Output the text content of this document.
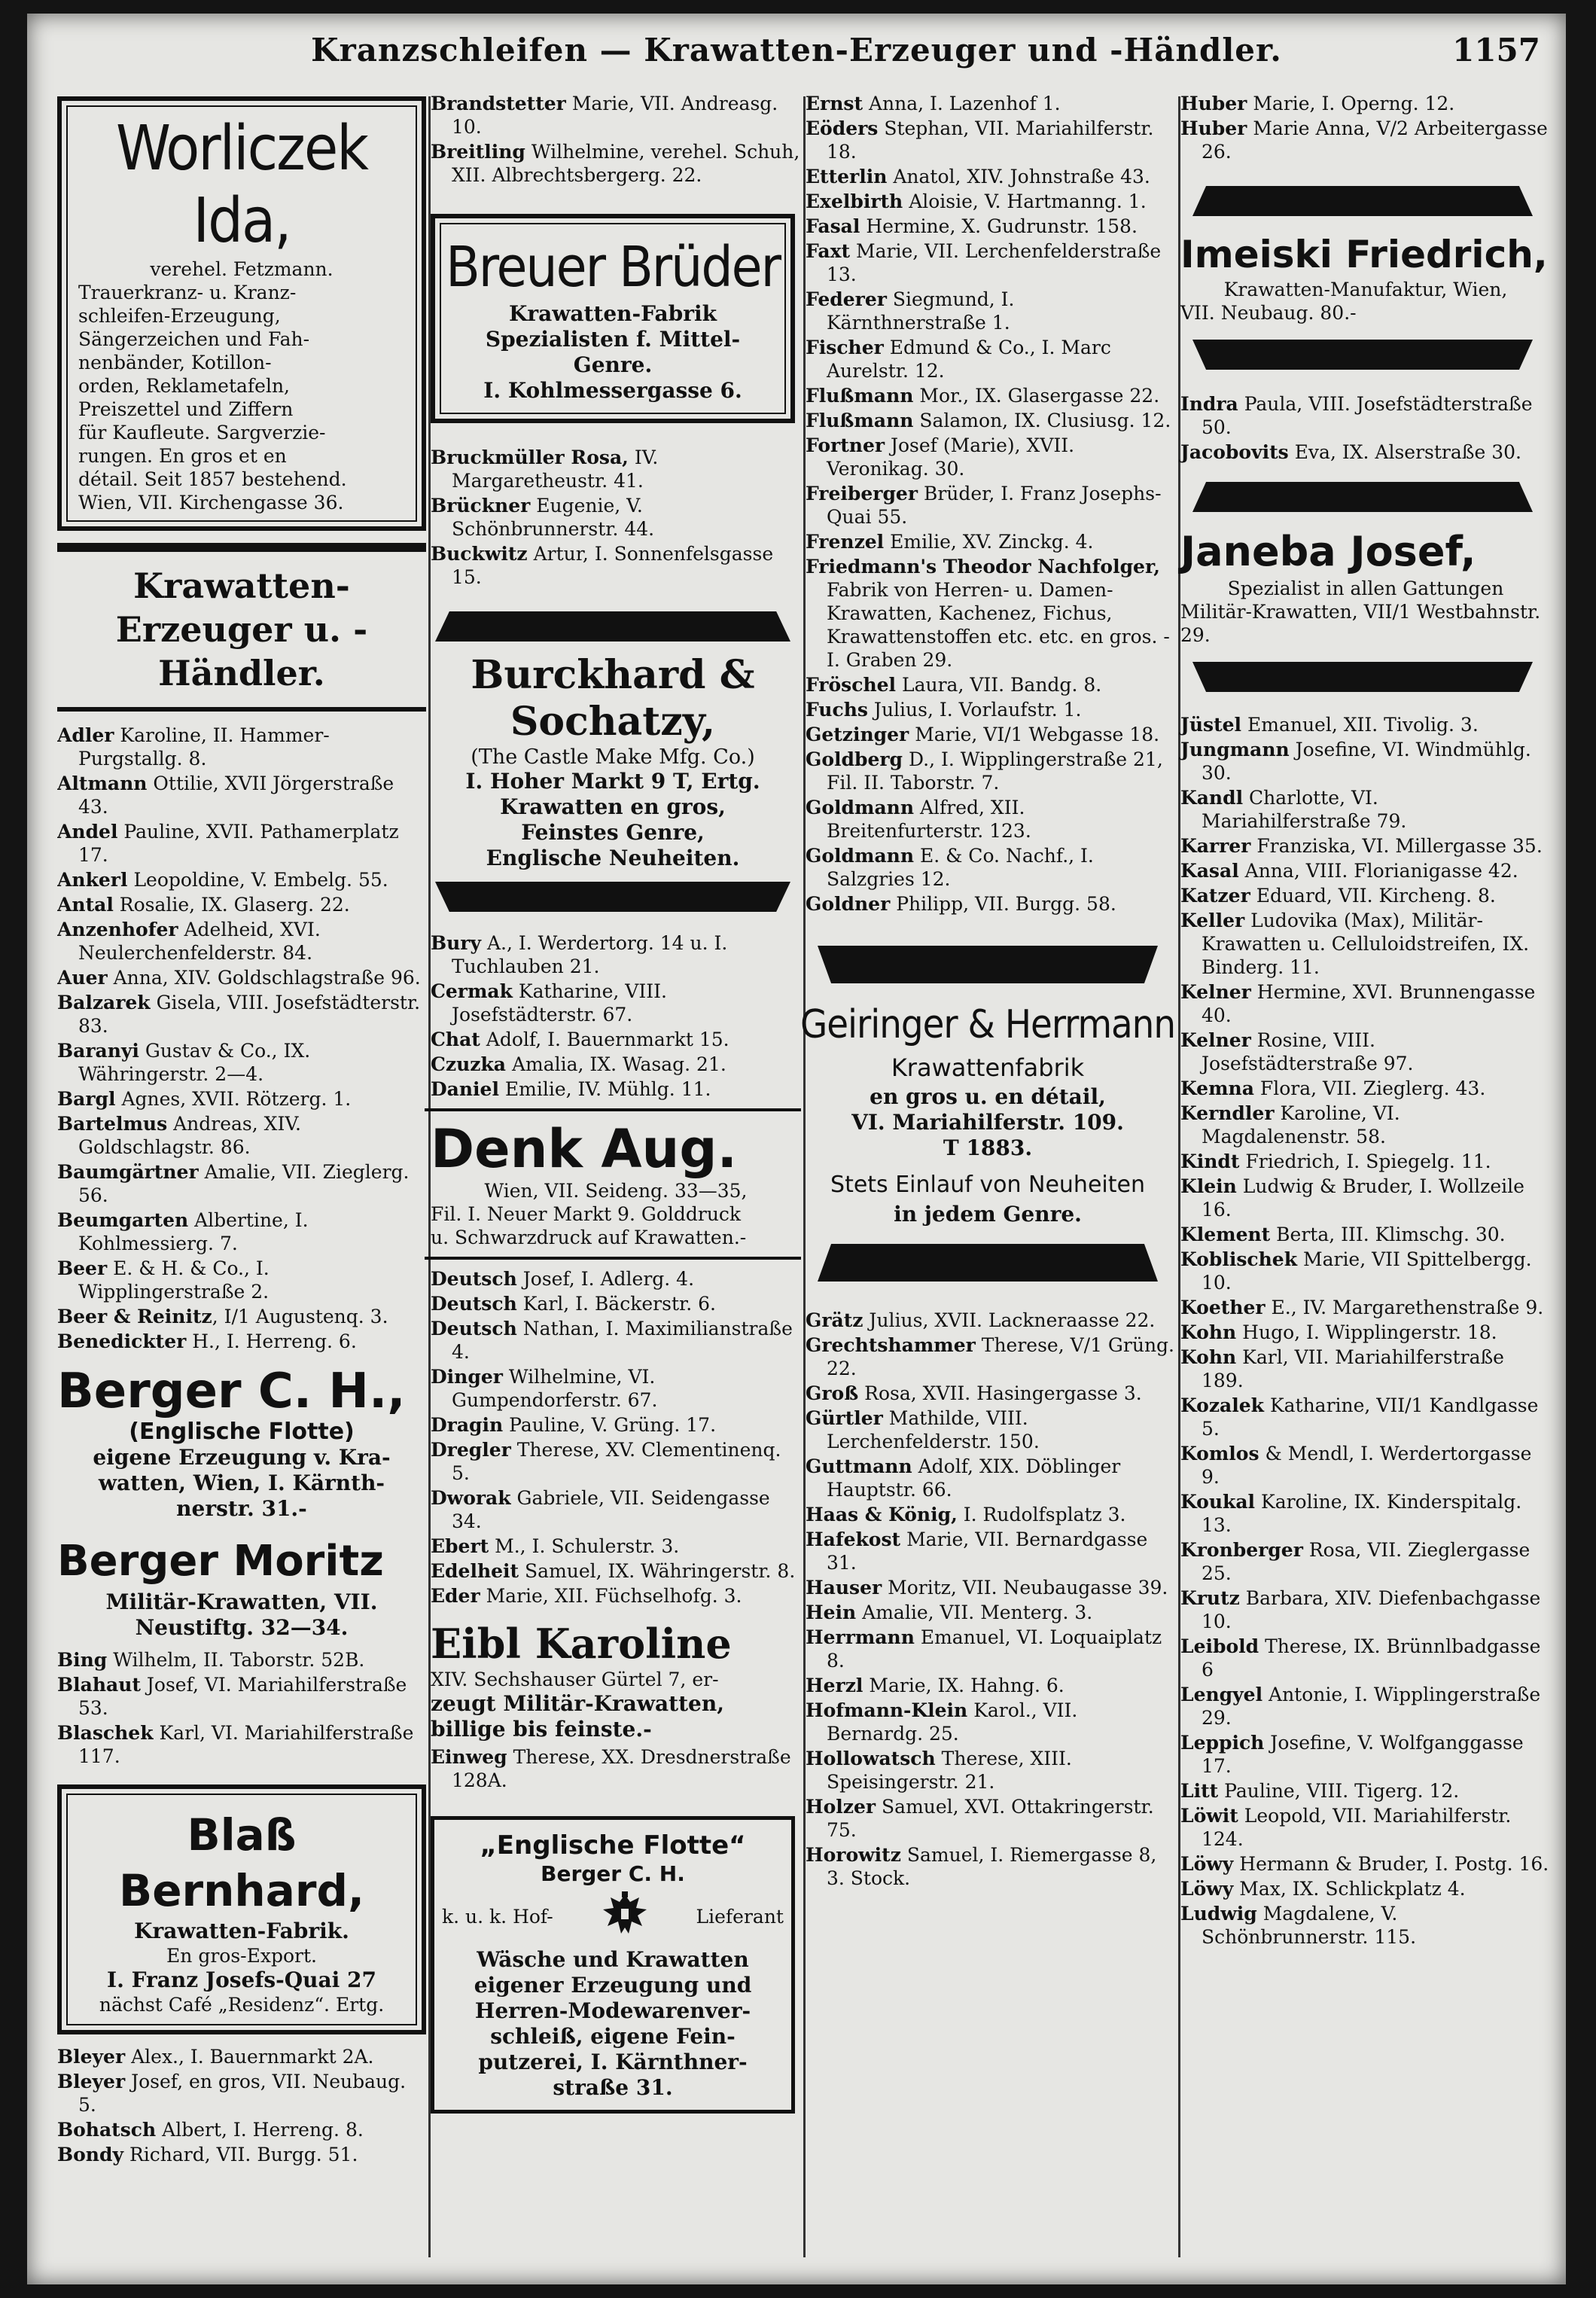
Kranzschleifen — Krawatten-Erzeuger und -Händler.	1157
Worliczek Ida,
verehel. Fetzmann.
Trauerkranz- u. Kranz-
schleifen-Erzeugung,
Sängerzeichen und Fah-
nenbänder, Kotillon-
orden, Reklametafeln,
Preiszettel und Ziffern
für Kaufleute. Sargverzie-
rungen. En gros et en
détail. Seit 1857 bestehend.
Wien, VII. Kirchengasse 36.
Krawatten-Erzeuger u. -Händler.
Adler Karoline, II. Hammer-Purgstallg. 8.
Altmann Ottilie, XVII Jörgerstraße 43.
Andel Pauline, XVII. Pathamerplatz 17.
Ankerl Leopoldine, V. Embelg. 55.
Antal Rosalie, IX. Glaserg. 22.
Anzenhofer Adelheid, XVI. Neulerchenfelderstr. 84.
Auer Anna, XIV. Goldschlagstraße 96.
Balzarek Gisela, VIII. Josefstädterstr. 83.
Baranyi Gustav & Co., IX. Währingerstr. 2—4.
Bargl Agnes, XVII. Rötzerg. 1.
Bartelmus Andreas, XIV. Goldschlagstr. 86.
Baumgärtner Amalie, VII. Zieglerg. 56.
Beumgarten Albertine, I. Kohlmessierg. 7.
Beer E. & H. & Co., I. Wipplingerstraße 2.
Beer & Reinitz, I/1 Augustenq. 3.
Benedickter H., I. Herreng. 6.
Berger C. H.,
(Englische Flotte)
eigene Erzeugung v. Kra-
watten, Wien, I. Kärnth-
nerstr. 31.-
Berger Moritz
Militär-Krawatten, VII.
Neustiftg. 32—34.
Bing Wilhelm, II. Taborstr. 52B.
Blahaut Josef, VI. Mariahilferstraße 53.
Blaschek Karl, VI. Mariahilferstraße 117.
Blaß Bernhard,
Krawatten-Fabrik.
En gros-Export.
I. Franz Josefs-Quai 27
nächst Café „Residenz“. Ertg.
Bleyer Alex., I. Bauernmarkt 2A.
Bleyer Josef, en gros, VII. Neubaug. 5.
Bohatsch Albert, I. Herreng. 8.
Bondy Richard, VII. Burgg. 51.
Brandstetter Marie, VII. Andreasg. 10.
Breitling Wilhelmine, verehel. Schuh, XII. Albrechtsbergerg. 22.
Breuer Brüder
Krawatten-Fabrik
Spezialisten f. Mittel-
Genre.
I. Kohlmessergasse 6.
Bruckmüller Rosa, IV. Margaretheustr. 41.
Brückner Eugenie, V. Schönbrunnerstr. 44.
Buckwitz Artur, I. Sonnenfelsgasse 15.
Burckhard & Sochatzy,
(The Castle Make Mfg. Co.)
I. Hoher Markt 9 T, Ertg.
Krawatten en gros,
Feinstes Genre,
Englische Neuheiten.
Bury A., I. Werdertorg. 14 u. I. Tuchlauben 21.
Cermak Katharine, VIII. Josefstädterstr. 67.
Chat Adolf, I. Bauernmarkt 15.
Czuzka Amalia, IX. Wasag. 21.
Daniel Emilie, IV. Mühlg. 11.
Denk Aug.
Wien, VII. Seideng. 33—35,
Fil. I. Neuer Markt 9. Golddruck
u. Schwarzdruck auf Krawatten.-
Deutsch Josef, I. Adlerg. 4.
Deutsch Karl, I. Bäckerstr. 6.
Deutsch Nathan, I. Maximilianstraße 4.
Dinger Wilhelmine, VI. Gumpendorferstr. 67.
Dragin Pauline, V. Grüng. 17.
Dregler Therese, XV. Clementinenq. 5.
Dworak Gabriele, VII. Seidengasse 34.
Ebert M., I. Schulerstr. 3.
Edelheit Samuel, IX. Währingerstr. 8.
Eder Marie, XII. Füchselhofg. 3.
Eibl Karoline
XIV. Sechshauser Gürtel 7, er-
zeugt Militär-Krawatten,
billige bis feinste.-
Einweg Therese, XX. Dresdnerstraße 128A.
„Englische Flotte“
Berger C. H.
k. u. k. Hof-	Lieferant
Wäsche und Krawatten
eigener Erzeugung und
Herren-Modewarenver-
schleiß, eigene Fein-
putzerei, I. Kärnthner-
straße 31.
Ernst Anna, I. Lazenhof 1.
Eöders Stephan, VII. Mariahilferstr. 18.
Etterlin Anatol, XIV. Johnstraße 43.
Exelbirth Aloisie, V. Hartmanng. 1.
Fasal Hermine, X. Gudrunstr. 158.
Faxt Marie, VII. Lerchenfelderstraße 13.
Federer Siegmund, I. Kärnthnerstraße 1.
Fischer Edmund & Co., I. Marc Aurelstr. 12.
Flußmann Mor., IX. Glasergasse 22.
Flußmann Salamon, IX. Clusiusg. 12.
Fortner Josef (Marie), XVII. Veronikag. 30.
Freiberger Brüder, I. Franz Josephs-Quai 55.
Frenzel Emilie, XV. Zinckg. 4.
Friedmann's Theodor Nachfolger, Fabrik von Herren- u. Damen-Krawatten, Kachenez, Fichus, Krawattenstoffen etc. etc. en gros. - I. Graben 29.
Fröschel Laura, VII. Bandg. 8.
Fuchs Julius, I. Vorlaufstr. 1.
Getzinger Marie, VI/1 Webgasse 18.
Goldberg D., I. Wipplingerstraße 21, Fil. II. Taborstr. 7.
Goldmann Alfred, XII. Breitenfurterstr. 123.
Goldmann E. & Co. Nachf., I. Salzgries 12.
Goldner Philipp, VII. Burgg. 58.
Geiringer & Herrmann
Krawattenfabrik
en gros u. en détail,
VI. Mariahilferstr. 109.
T 1883.
Stets Einlauf von Neuheiten
in jedem Genre.
Grätz Julius, XVII. Lackneraasse 22.
Grechtshammer Therese, V/1 Grüng. 22.
Groß Rosa, XVII. Hasingergasse 3.
Gürtler Mathilde, VIII. Lerchenfelderstr. 150.
Guttmann Adolf, XIX. Döblinger Hauptstr. 66.
Haas & König, I. Rudolfsplatz 3.
Hafekost Marie, VII. Bernardgasse 31.
Hauser Moritz, VII. Neubaugasse 39.
Hein Amalie, VII. Menterg. 3.
Herrmann Emanuel, VI. Loquaiplatz 8.
Herzl Marie, IX. Hahng. 6.
Hofmann-Klein Karol., VII. Bernardg. 25.
Hollowatsch Therese, XIII. Speisingerstr. 21.
Holzer Samuel, XVI. Ottakringerstr. 75.
Horowitz Samuel, I. Riemergasse 8, 3. Stock.
Huber Marie, I. Operng. 12.
Huber Marie Anna, V/2 Arbeitergasse 26.
Imeiski Friedrich,
Krawatten-Manufaktur, Wien,
VII. Neubaug. 80.-
Indra Paula, VIII. Josefstädterstraße 50.
Jacobovits Eva, IX. Alserstraße 30.
Janeba Josef,
Spezialist in allen Gattungen
Militär-Krawatten, VII/1 Westbahnstr. 29.
Jüstel Emanuel, XII. Tivolig. 3.
Jungmann Josefine, VI. Windmühlg. 30.
Kandl Charlotte, VI. Mariahilferstraße 79.
Karrer Franziska, VI. Millergasse 35.
Kasal Anna, VIII. Florianigasse 42.
Katzer Eduard, VII. Kircheng. 8.
Keller Ludovika (Max), Militär-Krawatten u. Celluloidstreifen, IX. Binderg. 11.
Kelner Hermine, XVI. Brunnengasse 40.
Kelner Rosine, VIII. Josefstädterstraße 97.
Kemna Flora, VII. Zieglerg. 43.
Kerndler Karoline, VI. Magdalenenstr. 58.
Kindt Friedrich, I. Spiegelg. 11.
Klein Ludwig & Bruder, I. Wollzeile 16.
Klement Berta, III. Klimschg. 30.
Koblischek Marie, VII Spittelbergg. 10.
Koether E., IV. Margarethenstraße 9.
Kohn Hugo, I. Wipplingerstr. 18.
Kohn Karl, VII. Mariahilferstraße 189.
Kozalek Katharine, VII/1 Kandlgasse 5.
Komlos & Mendl, I. Werdertorgasse 9.
Koukal Karoline, IX. Kinderspitalg. 13.
Kronberger Rosa, VII. Zieglergasse 25.
Krutz Barbara, XIV. Diefenbachgasse 10.
Leibold Therese, IX. Brünnlbadgasse 6
Lengyel Antonie, I. Wipplingerstraße 29.
Leppich Josefine, V. Wolfganggasse 17.
Litt Pauline, VIII. Tigerg. 12.
Löwit Leopold, VII. Mariahilferstr. 124.
Löwy Hermann & Bruder, I. Postg. 16.
Löwy Max, IX. Schlickplatz 4.
Ludwig Magdalene, V. Schönbrunnerstr. 115.
